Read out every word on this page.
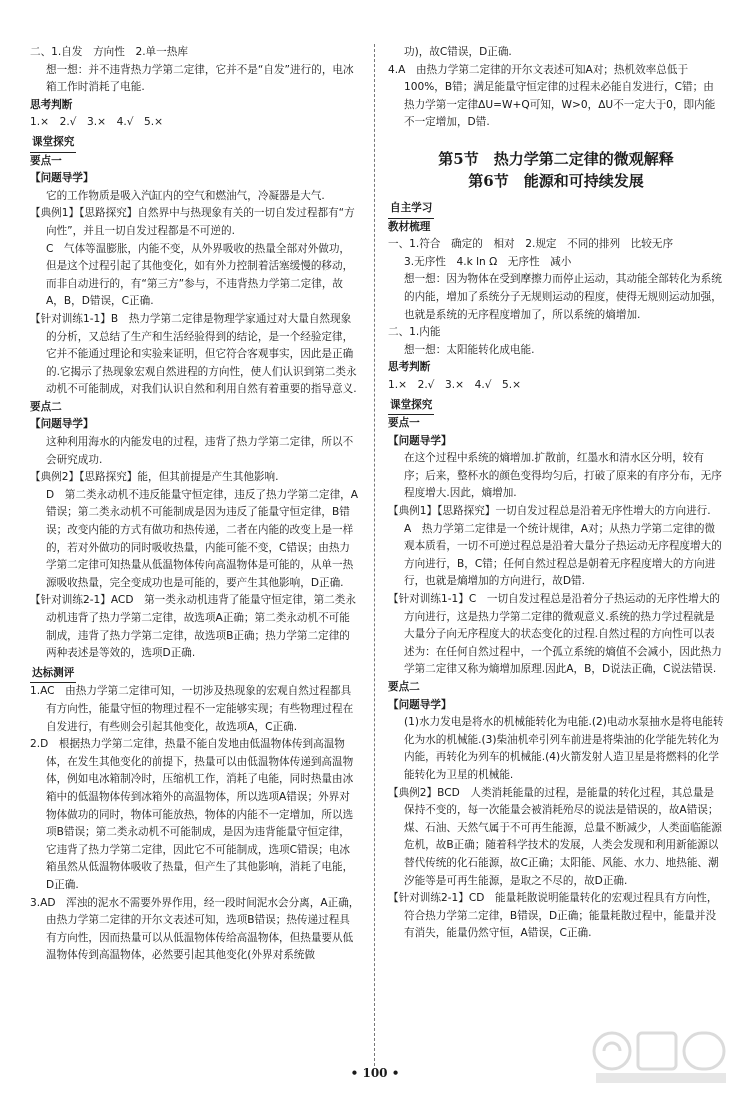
二、1.自发　方向性　2.单一热库

想一想：并不违背热力学第二定律，它并不是“自发”进行的，电冰箱工作时消耗了电能.

思考判断

1.×　2.√　3.×　4.√　5.×

课堂探究

要点一

【问题导学】

它的工作物质是吸入汽缸内的空气和燃油气，冷凝器是大气.

【典例1】【思路探究】自然界中与热现象有关的一切自发过程都有“方向性”，并且一切自发过程都是不可逆的.

C　气体等温膨胀，内能不变，从外界吸收的热量全部对外做功，但是这个过程引起了其他变化，如有外力控制着活塞缓慢的移动，而非自动进行的，有“第三方”参与，不违背热力学第二定律，故A，B，D错误，C正确.

【针对训练1-1】B　热力学第二定律是物理学家通过对大量自然现象的分析，又总结了生产和生活经验得到的结论，是一个经验定律，它并不能通过理论和实验来证明，但它符合客观事实，因此是正确的.它揭示了热现象宏观自然进程的方向性，使人们认识到第二类永动机不可能制成，对我们认识自然和利用自然有着重要的指导意义.

要点二

【问题导学】

这种利用海水的内能发电的过程，违背了热力学第二定律，所以不会研究成功.

【典例2】【思路探究】能，但其前提是产生其他影响.

D　第二类永动机不违反能量守恒定律，违反了热力学第二定律，A错误；第二类永动机不可能制成是因为违反了能量守恒定律，B错误；改变内能的方式有做功和热传递，二者在内能的改变上是一样的，若对外做功的同时吸收热量，内能可能不变，C错误；由热力学第二定律可知热量从低温物体传向高温物体是可能的，从单一热源吸收热量，完全变成功也是可能的，要产生其他影响，D正确.

【针对训练2-1】ACD　第一类永动机违背了能量守恒定律，第二类永动机违背了热力学第二定律，故选项A正确；第二类永动机不可能制成，违背了热力学第二定律，故选项B正确；热力学第二定律的两种表述是等效的，选项D正确.

达标测评

1.AC　由热力学第二定律可知，一切涉及热现象的宏观自然过程都具有方向性，能量守恒的物理过程不一定能够实现；有些物理过程在自发进行，有些则会引起其他变化，故选项A，C正确.

2.D　根据热力学第二定律，热量不能自发地由低温物体传到高温物体，在发生其他变化的前提下，热量可以由低温物体传递到高温物体，例如电冰箱制冷时，压缩机工作，消耗了电能，同时热量由冰箱中的低温物体传到冰箱外的高温物体，所以选项A错误；外界对物体做功的同时，物体可能放热，物体的内能不一定增加，所以选项B错误；第二类永动机不可能制成，是因为违背能量守恒定律，它违背了热力学第二定律，因此它不可能制成，选项C错误；电冰箱虽然从低温物体吸收了热量，但产生了其他影响，消耗了电能，D正确.

3.AD　浑浊的泥水不需要外界作用，经一段时间泥水会分离，A正确，由热力学第二定律的开尔文表述可知，选项B错误；热传递过程具有方向性，因而热量可以从低温物体传给高温物体，但热量要从低温物体传到高温物体，必然要引起其他变化(外界对系统做

功)，故C错误，D正确.

4.A　由热力学第二定律的开尔文表述可知A对；热机效率总低于100%，B错；满足能量守恒定律的过程未必能自发进行，C错；由热力学第一定律ΔU=W+Q可知，W>0，ΔU不一定大于0，即内能不一定增加，D错.

第5节　热力学第二定律的微观解释

第6节　能源和可持续发展

自主学习

教材梳理

一、1.符合　确定的　相对　2.规定　不同的排列　比较无序

3.无序性　4.k ln Ω　无序性　减小

想一想：因为物体在受到摩擦力而停止运动，其动能全部转化为系统的内能，增加了系统分子无规则运动的程度，使得无规则运动加强，也就是系统的无序程度增加了，所以系统的熵增加.

二、1.内能

想一想：太阳能转化成电能.

思考判断

1.×　2.√　3.×　4.√　5.×

课堂探究

要点一

【问题导学】

在这个过程中系统的熵增加.扩散前，红墨水和清水区分明，较有序；后来，整杯水的颜色变得均匀后，打破了原来的有序分布，无序程度增大.因此，熵增加.

【典例1】【思路探究】一切自发过程总是沿着无序性增大的方向进行.

A　热力学第二定律是一个统计规律，A对；从热力学第二定律的微观本质看，一切不可逆过程总是沿着大量分子热运动无序程度增大的方向进行，B，C错；任何自然过程总是朝着无序程度增大的方向进行，也就是熵增加的方向进行，故D错.

【针对训练1-1】C　一切自发过程总是沿着分子热运动的无序性增大的方向进行，这是热力学第二定律的微观意义.系统的热力学过程就是大量分子向无序程度大的状态变化的过程.自然过程的方向性可以表述为：在任何自然过程中，一个孤立系统的熵值不会减小，因此热力学第二定律又称为熵增加原理.因此A，B，D说法正确，C说法错误.

要点二

【问题导学】

(1)水力发电是将水的机械能转化为电能.(2)电动水泵抽水是将电能转化为水的机械能.(3)柴油机牵引列车前进是将柴油的化学能先转化为内能，再转化为列车的机械能.(4)火箭发射人造卫星是将燃料的化学能转化为卫星的机械能.

【典例2】BCD　人类消耗能量的过程，是能量的转化过程，其总量是保持不变的，每一次能量会被消耗殆尽的说法是错误的，故A错误；煤、石油、天然气属于不可再生能源，总量不断减少，人类面临能源危机，故B正确；随着科学技术的发展，人类会发现和利用新能源以替代传统的化石能源，故C正确；太阳能、风能、水力、地热能、潮汐能等是可再生能源，是取之不尽的，故D正确.

【针对训练2-1】CD　能量耗散说明能量转化的宏观过程具有方向性，符合热力学第二定律，B错误，D正确；能量耗散过程中，能量并没有消失，能量仍然守恒，A错误，C正确.

• 100 •
